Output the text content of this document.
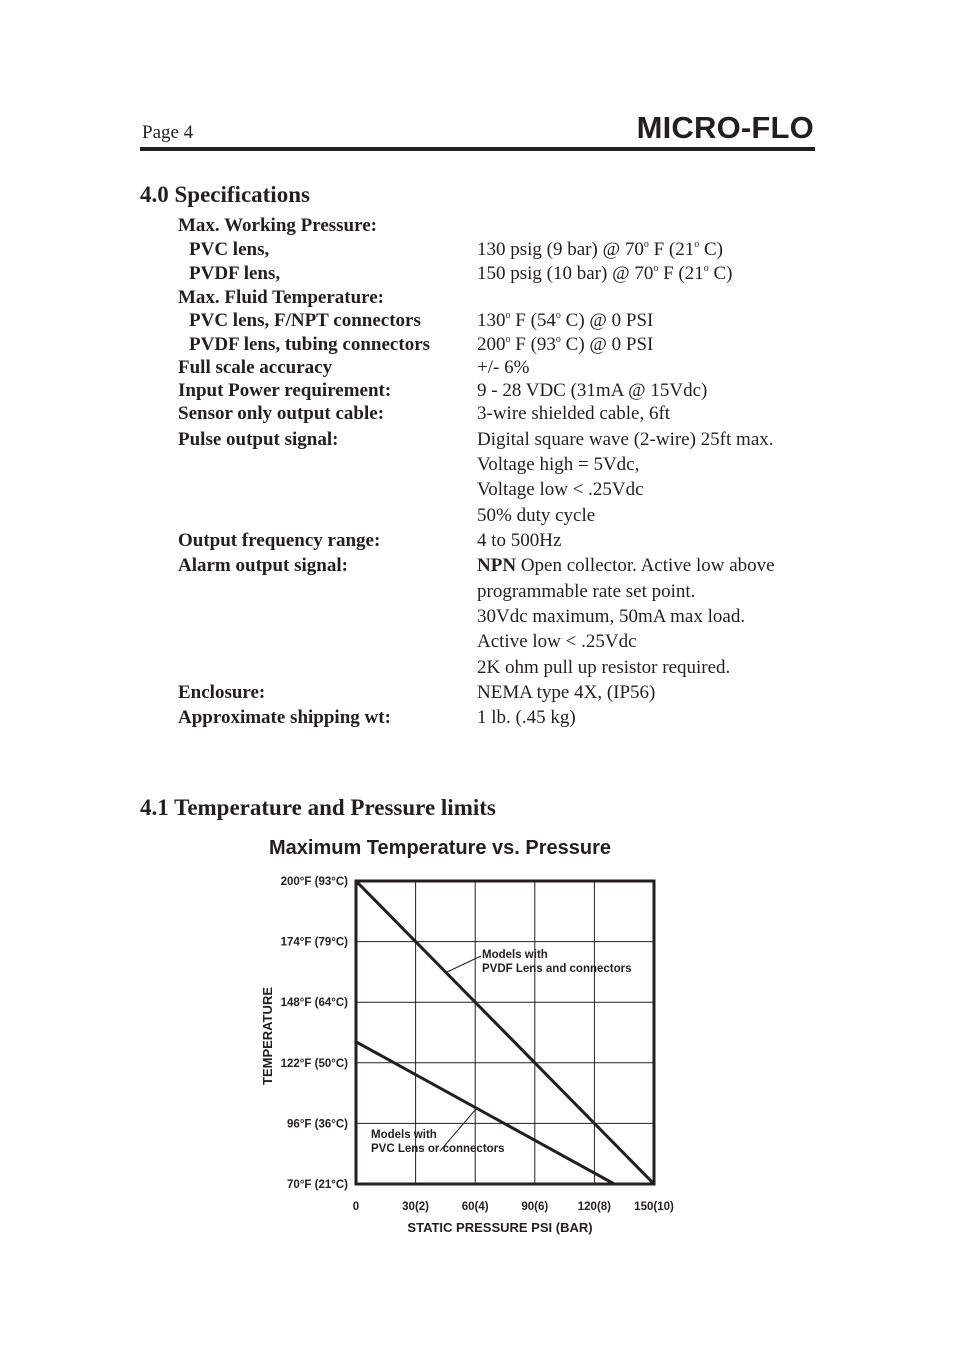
Page 4	MICRO-FLO
4.0 Specifications
Max. Working Pressure:
PVC lens,	130 psig (9 bar) @ 70$^o$ F (21$^o$ C)
PVDF lens,	150 psig (10 bar) @ 70$^o$ F (21$^o$ C)
Max. Fluid Temperature:
PVC lens, F/NPT connectors	130$^o$ F (54$^o$ C) @ 0 PSI
PVDF lens, tubing connectors 200$^o$ F (93$^o$ C) @ 0 PSI
Full scale accuracy	+/- 6%
Input Power requirement:	9 - 28 VDC (31mA @ 15Vdc)
Sensor only output cable:	3-wire shielded cable, 6ft
Pulse output signal:	Digital square wave (2-wire) 25ft max.
Voltage high = 5Vdc,
Voltage low < .25Vdc
50% duty cycle
Output frequency range:	4 to 500Hz
Alarm output signal:	NPN Open collector. Active low above
programmable rate set point.
30Vdc maximum, 50mA max load.
Active low < .25Vdc
2K ohm pull up resistor required.
Enclosure:	NEMA type 4X, (IP56)
Approximate shipping wt:	1 lb. (.45 kg)
4.1 Temperature and Pressure limits
Maximum Temperature vs. Pressure
Models with
PVDF Lens and connectors
Models with
PVC Lens or connectors
0	30(2)	60(4)	90(6)	120(8) 150(10)
70°F (21°C)
96°F (36°C)
122°F (50°C)
148°F (64°C)
174°F (79°C)
200°F (93°C)
STATIC PRESSURE PSI (BAR)
TEMPERATURE
